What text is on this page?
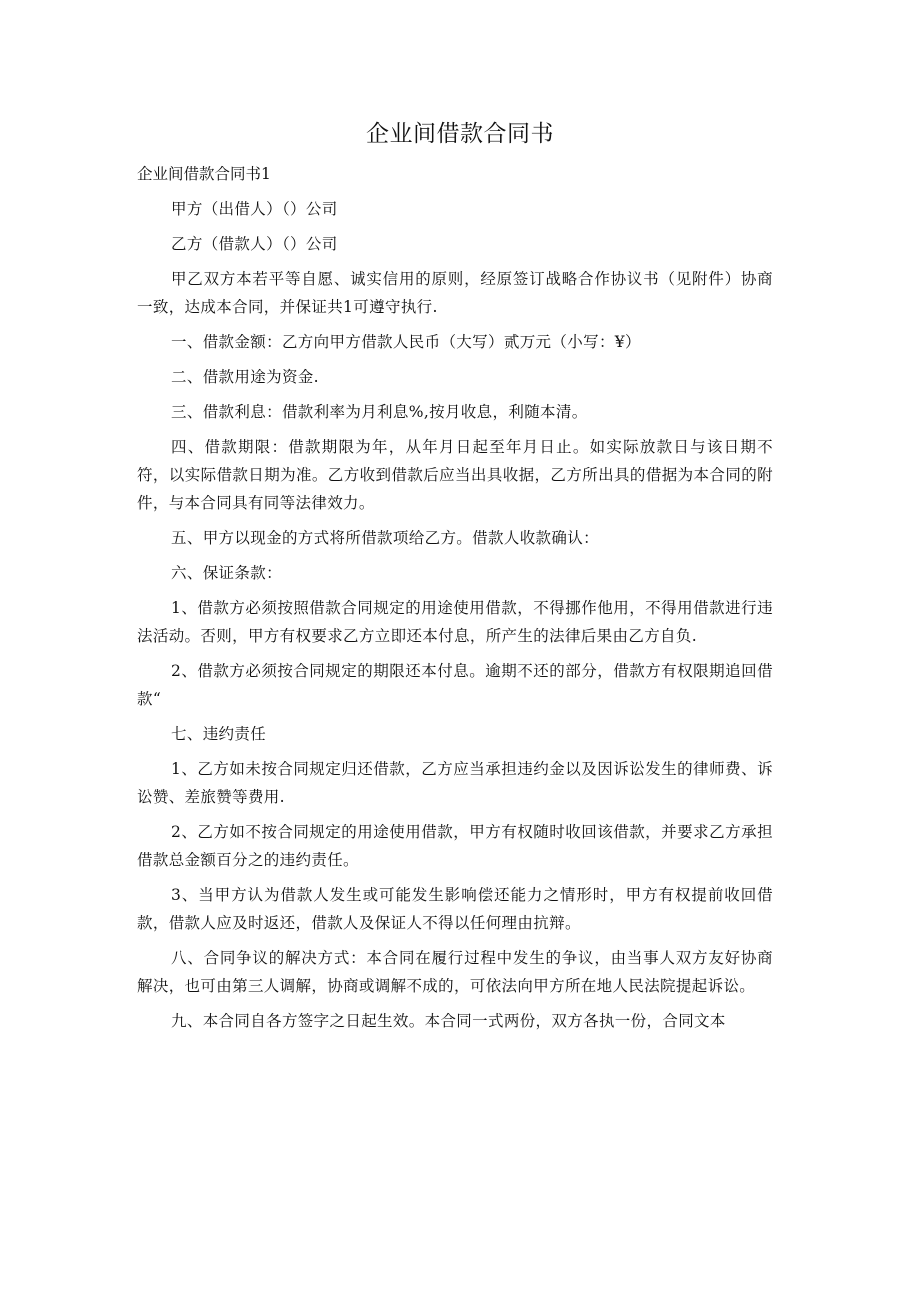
企业间借款合同书

企业间借款合同书1

甲方（出借人）（）公司

乙方（借款人）（）公司

甲乙双方本若平等自愿、诚实信用的原则，经原签订战略合作协议书（见附件）协商一致，达成本合同，并保证共1可遵守执行.

一、借款金额：乙方向甲方借款人民币（大写）贰万元（小写：¥）

二、借款用途为资金.

三、借款利息：借款利率为月利息%,按月收息，利随本清。

四、借款期限：借款期限为年，从年月日起至年月日止。如实际放款日与该日期不符，以实际借款日期为准。乙方收到借款后应当出具收据，乙方所出具的借据为本合同的附件，与本合同具有同等法律效力。

五、甲方以现金的方式将所借款项给乙方。借款人收款确认：

六、保证条款：

1、借款方必须按照借款合同规定的用途使用借款，不得挪作他用，不得用借款进行违法活动。否则，甲方有权要求乙方立即还本付息，所产生的法律后果由乙方自负.

2、借款方必须按合同规定的期限还本付息。逾期不还的部分，借款方有权限期追回借款“

七、违约责任

1、乙方如未按合同规定归还借款，乙方应当承担违约金以及因诉讼发生的律师费、诉讼赞、差旅赞等费用.

2、乙方如不按合同规定的用途使用借款，甲方有权随时收回该借款，并要求乙方承担借款总金额百分之的违约责任。

3、当甲方认为借款人发生或可能发生影响偿还能力之情形时，甲方有权提前收回借款，借款人应及时返还，借款人及保证人不得以任何理由抗辩。

八、合同争议的解决方式：本合同在履行过程中发生的争议，由当事人双方友好协商解决，也可由第三人调解，协商或调解不成的，可依法向甲方所在地人民法院提起诉讼。

九、本合同自各方签字之日起生效。本合同一式两份，双方各执一份，合同文本
